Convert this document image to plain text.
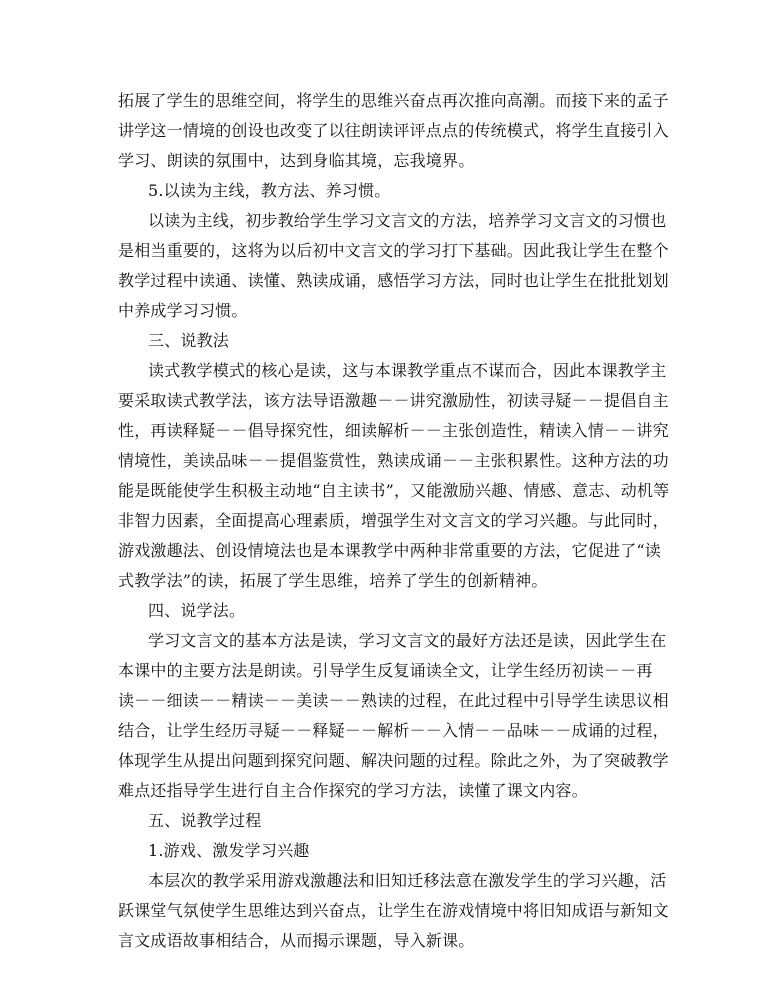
拓展了学生的思维空间，将学生的思维兴奋点再次推向高潮。而接下来的孟子
讲学这一情境的创设也改变了以往朗读评评点点的传统模式，将学生直接引入
学习、朗读的氛围中，达到身临其境，忘我境界。

5.以读为主线，教方法、养习惯。

以读为主线，初步教给学生学习文言文的方法，培养学习文言文的习惯也
是相当重要的，这将为以后初中文言文的学习打下基础。因此我让学生在整个
教学过程中读通、读懂、熟读成诵，感悟学习方法，同时也让学生在批批划划
中养成学习习惯。

三、说教法

读式教学模式的核心是读，这与本课教学重点不谋而合，因此本课教学主
要采取读式教学法，该方法导语激趣－－讲究激励性，初读寻疑－－提倡自主
性，再读释疑－－倡导探究性，细读解析－－主张创造性，精读入情－－讲究
情境性，美读品味－－提倡鉴赏性，熟读成诵－－主张积累性。这种方法的功
能是既能使学生积极主动地“自主读书”，又能激励兴趣、情感、意志、动机等
非智力因素，全面提高心理素质，增强学生对文言文的学习兴趣。与此同时，
游戏激趣法、创设情境法也是本课教学中两种非常重要的方法，它促进了“读
式教学法”的读，拓展了学生思维，培养了学生的创新精神。

四、说学法。

学习文言文的基本方法是读，学习文言文的最好方法还是读，因此学生在
本课中的主要方法是朗读。引导学生反复诵读全文，让学生经历初读－－再
读－－细读－－精读－－美读－－熟读的过程，在此过程中引导学生读思议相
结合，让学生经历寻疑－－释疑－－解析－－入情－－品味－－成诵的过程，
体现学生从提出问题到探究问题、解决问题的过程。除此之外，为了突破教学
难点还指导学生进行自主合作探究的学习方法，读懂了课文内容。

五、说教学过程

1.游戏、激发学习兴趣

本层次的教学采用游戏激趣法和旧知迁移法意在激发学生的学习兴趣，活
跃课堂气氛使学生思维达到兴奋点，让学生在游戏情境中将旧知成语与新知文
言文成语故事相结合，从而揭示课题，导入新课。
